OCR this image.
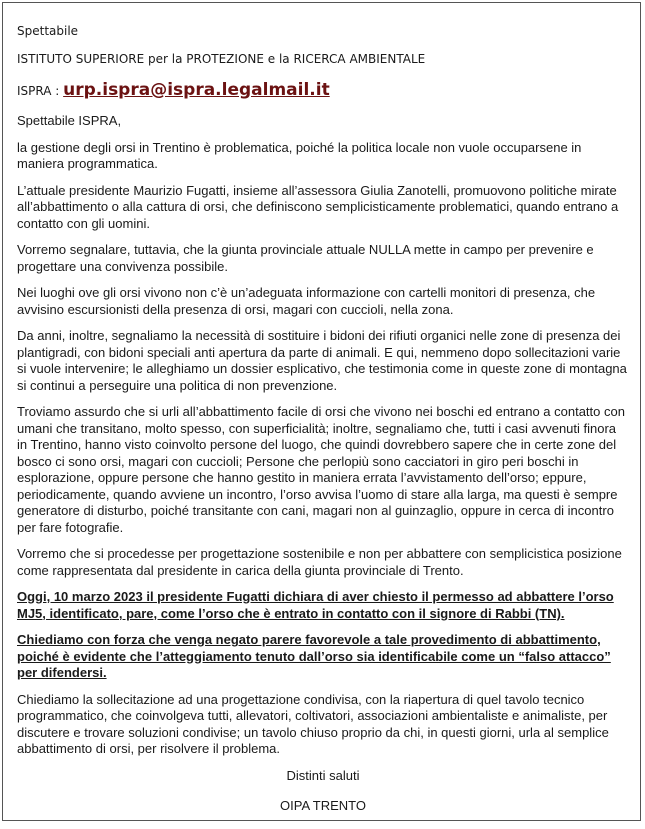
Spettabile
ISTITUTO SUPERIORE per la PROTEZIONE e la RICERCA AMBIENTALE
ISPRA : urp.ispra@ispra.legalmail.it

Spettabile ISPRA,

la gestione degli orsi in Trentino è problematica, poiché la politica locale non vuole occuparsene in maniera programmatica.

L’attuale presidente Maurizio Fugatti, insieme all’assessora Giulia Zanotelli, promuovono politiche mirate all’abbattimento o alla cattura di orsi, che definiscono semplicisticamente problematici, quando entrano a contatto con gli uomini.

Vorremo segnalare, tuttavia, che la giunta provinciale attuale NULLA mette in campo per prevenire e progettare una convivenza possibile.

Nei luoghi ove gli orsi vivono non c’è un’adeguata informazione con cartelli monitori di presenza, che avvisino escursionisti della presenza di orsi, magari con cuccioli, nella zona.

Da anni, inoltre, segnaliamo la necessità di sostituire i bidoni dei rifiuti organici nelle zone di presenza dei plantigradi, con bidoni speciali anti apertura da parte di animali. E qui, nemmeno dopo sollecitazioni varie si vuole intervenire; le alleghiamo un dossier esplicativo, che testimonia come in queste zone di montagna si continui a perseguire una politica di non prevenzione.

Troviamo assurdo che si urli all’abbattimento facile di orsi che vivono nei boschi ed entrano a contatto con umani che transitano, molto spesso, con superficialità; inoltre, segnaliamo che, tutti i casi avvenuti finora in Trentino, hanno visto coinvolto persone del luogo, che quindi dovrebbero sapere che in certe zone del bosco ci sono orsi, magari con cuccioli; Persone che perlopiù sono cacciatori in giro peri boschi in esplorazione, oppure persone che hanno gestito in maniera errata l’avvistamento dell’orso; eppure, periodicamente, quando avviene un incontro, l’orso avvisa l’uomo di stare alla larga, ma questi è sempre generatore di disturbo, poiché transitante con cani, magari non al guinzaglio, oppure in cerca di incontro per fare fotografie.

Vorremo che si procedesse per progettazione sostenibile e non per abbattere con semplicistica posizione come rappresentata dal presidente in carica della giunta provinciale di Trento.

Oggi, 10 marzo 2023 il presidente Fugatti dichiara di aver chiesto il permesso ad abbattere l’orso MJ5, identificato, pare, come l’orso che è entrato in contatto con il signore di Rabbi (TN).

Chiediamo con forza che venga negato parere favorevole a tale provedimento di abbattimento, poiché è evidente che l’atteggiamento tenuto dall’orso sia identificabile come un “falso attacco” per difendersi.

Chiediamo la sollecitazione ad una progettazione condivisa, con la riapertura di quel tavolo tecnico programmatico, che coinvolgeva tutti, allevatori, coltivatori, associazioni ambientaliste e animaliste, per discutere e trovare soluzioni condivise; un tavolo chiuso proprio da chi, in questi giorni, urla al semplice abbattimento di orsi, per risolvere il problema.

Distinti saluti

OIPA TRENTO
